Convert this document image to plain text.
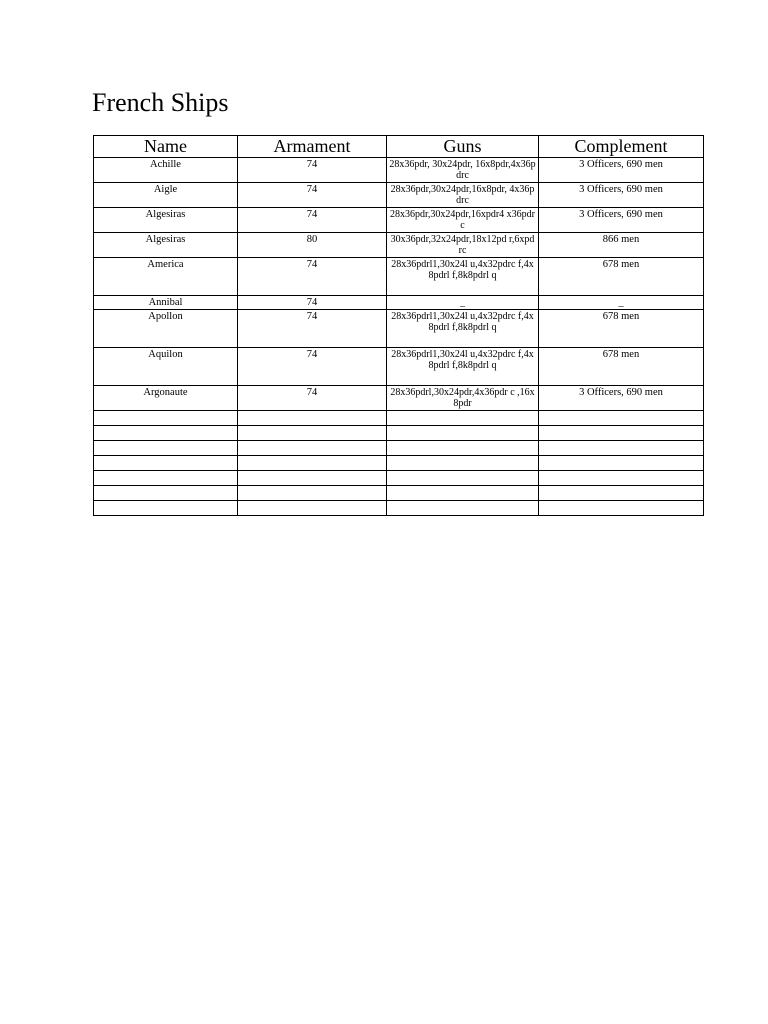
French Ships
Name	Armament	Guns	Complement
Achille	74	28x36pdr, 30x24pdr, 16x8pdr,4x36pdrc	3 Officers, 690 men
Aigle	74	28x36pdr,30x24pdr,16x8pdr, 4x36pdrc	3 Officers, 690 men
Algesiras	74	28x36pdr,30x24pdr,16xpdr4 x36pdrc	3 Officers, 690 men
Algesiras	80	30x36pdr,32x24pdr,18x12pd r,6xpdrc	866 men
America	74	28x36pdrl1,30x24l u,4x32pdrc f,4x8pdrl f,8k8pdrl q	678 men
Annibal	74	_	_
Apollon	74	28x36pdrl1,30x24l u,4x32pdrc f,4x8pdrl f,8k8pdrl q	678 men
Aquilon	74	28x36pdrl1,30x24l u,4x32pdrc f,4x8pdrl f,8k8pdrl q	678 men
Argonaute	74	28x36pdrl,30x24pdr,4x36pdr c ,16x8pdr	3 Officers, 690 men
